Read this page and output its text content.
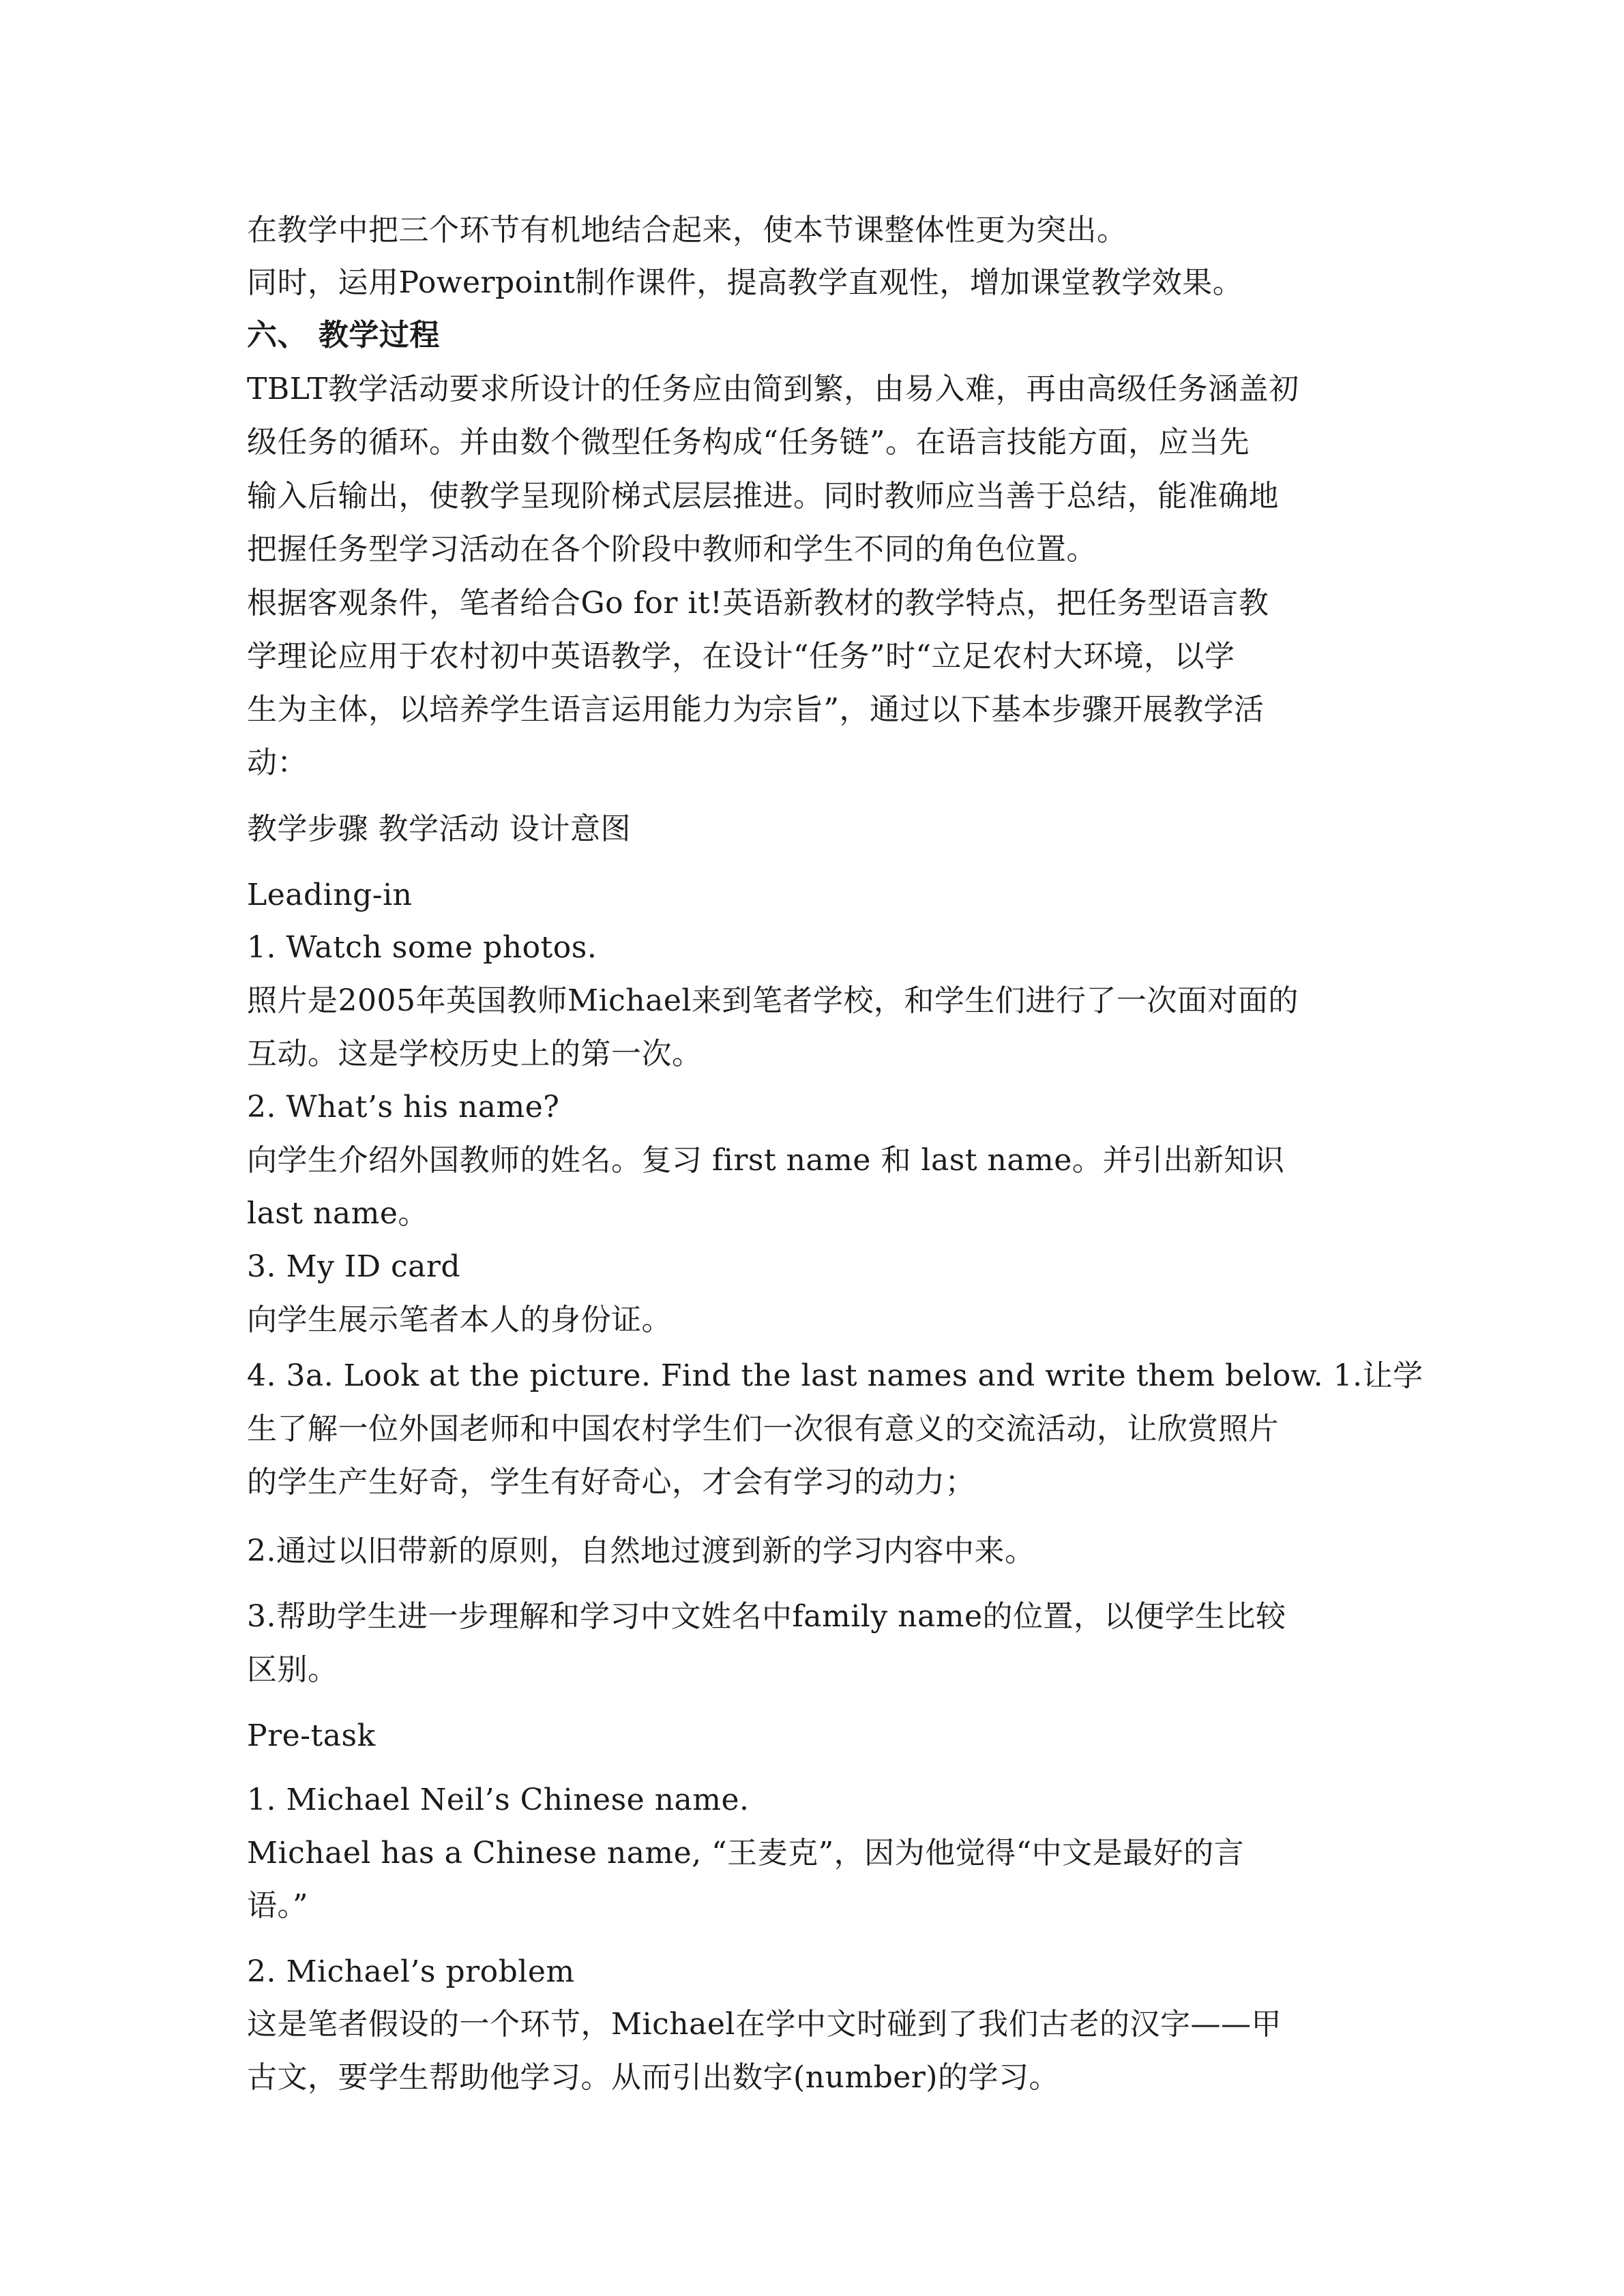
在教学中把三个环节有机地结合起来，使本节课整体性更为突出。
同时，运用Powerpoint制作课件，提高教学直观性，增加课堂教学效果。
六、 教学过程
TBLT教学活动要求所设计的任务应由简到繁，由易入难，再由高级任务涵盖初
级任务的循环。并由数个微型任务构成“任务链”。在语言技能方面，应当先
输入后输出，使教学呈现阶梯式层层推进。同时教师应当善于总结，能准确地
把握任务型学习活动在各个阶段中教师和学生不同的角色位置。
根据客观条件，笔者给合Go for it!英语新教材的教学特点，把任务型语言教
学理论应用于农村初中英语教学，在设计“任务”时“立足农村大环境，以学
生为主体，以培养学生语言运用能力为宗旨”，通过以下基本步骤开展教学活
动：
教学步骤 教学活动 设计意图
Leading-in
1. Watch some photos.
照片是2005年英国教师Michael来到笔者学校，和学生们进行了一次面对面的
互动。这是学校历史上的第一次。
2. What’s his name?
向学生介绍外国教师的姓名。复习 first name 和 last name。并引出新知识
last name。
3. My ID card
向学生展示笔者本人的身份证。
4. 3a. Look at the picture. Find the last names and write them below. 1.让学
生了解一位外国老师和中国农村学生们一次很有意义的交流活动，让欣赏照片
的学生产生好奇，学生有好奇心，才会有学习的动力；
2.通过以旧带新的原则，自然地过渡到新的学习内容中来。
3.帮助学生进一步理解和学习中文姓名中family name的位置，以便学生比较
区别。
Pre-task
1. Michael Neil’s Chinese name.
Michael has a Chinese name, “王麦克”，因为他觉得“中文是最好的言
语。”
2. Michael’s problem
这是笔者假设的一个环节，Michael在学中文时碰到了我们古老的汉字——甲
古文，要学生帮助他学习。从而引出数字(number)的学习。
